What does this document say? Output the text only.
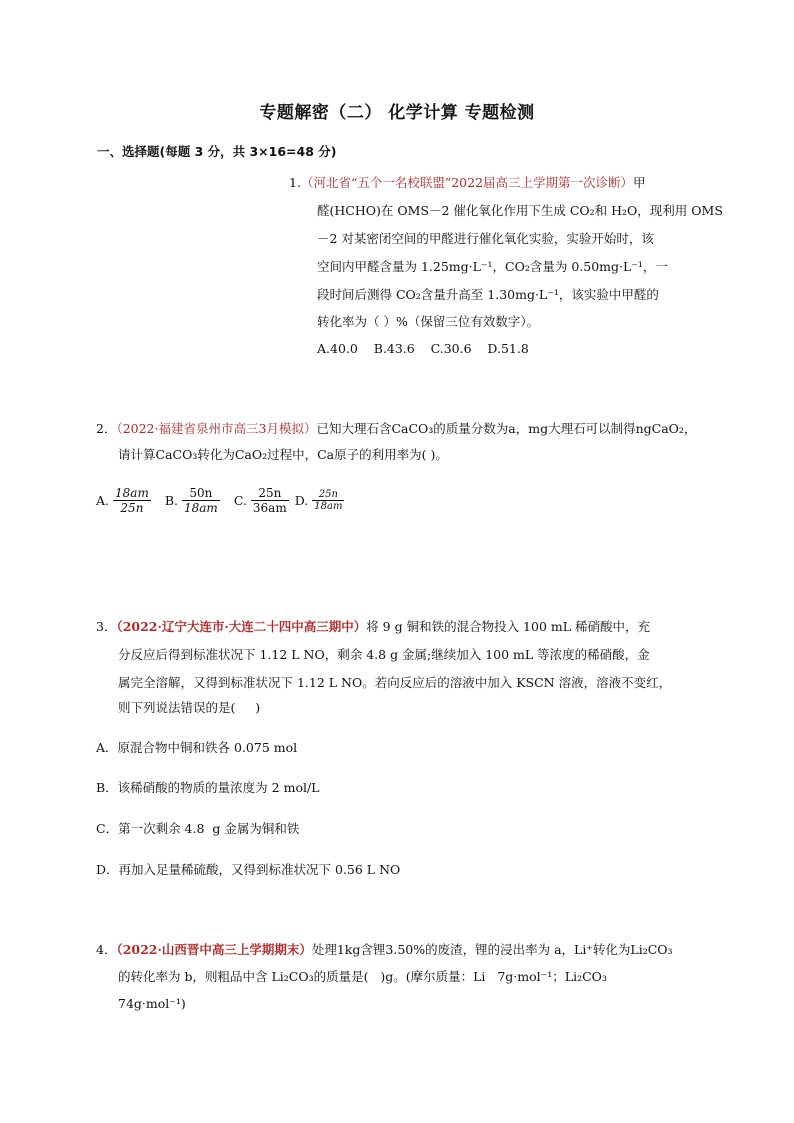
专题解密（二） 化学计算 专题检测
一、选择题(每题 3 分，共 3×16=48 分)
1.（河北省“五个一名校联盟”2022届高三上学期第一次诊断）甲
醛(HCHO)在 OMS－2 催化氧化作用下生成 CO₂和 H₂O，现利用 OMS
－2 对某密闭空间的甲醛进行催化氧化实验，实验开始时，该
空间内甲醛含量为 1.25mg·L⁻¹，CO₂含量为 0.50mg·L⁻¹，一
段时间后测得 CO₂含量升高至 1.30mg·L⁻¹，该实验中甲醛的
转化率为（ ）%（保留三位有效数字）。
A.40.0    B.43.6    C.30.6    D.51.8
2．（2022·福建省泉州市高三3月模拟）已知大理石含CaCO₃的质量分数为a，mg大理石可以制得ngCaO₂，
请计算CaCO₃转化为CaO₂过程中，Ca原子的利用率为( )。
A. $\frac{18am}{25n} B$. $\frac{50n}{18am} C$. $\frac{25n}{36am} D$. $\frac{25n}{18am}$
3．（2022·辽宁大连市·大连二十四中高三期中）将 9 g 铜和铁的混合物投入 100 mL 稀硝酸中，充
分反应后得到标准状况下 1.12 L NO，剩余 4.8 g 金属;继续加入 100 mL 等浓度的稀硝酸，金
属完全溶解，又得到标准状况下 1.12 L NO。若向反应后的溶液中加入 KSCN 溶液，溶液不变红，
则下列说法错误的是(     )
A．原混合物中铜和铁各 0.075 mol
B．该稀硝酸的物质的量浓度为 2 mol/L
C．第一次剩余 4.8  g 金属为铜和铁
D．再加入足量稀硫酸，又得到标准状况下 0.56 L NO
4．（2022·山西晋中高三上学期期末）处理1kg含锂3.50%的废渣，锂的浸出率为 a，Li⁺转化为Li₂CO₃
的转化率为 b，则粗品中含 Li₂CO₃的质量是(   )g。(摩尔质量：Li   7g·mol⁻¹；Li₂CO₃
74g·mol⁻¹)
